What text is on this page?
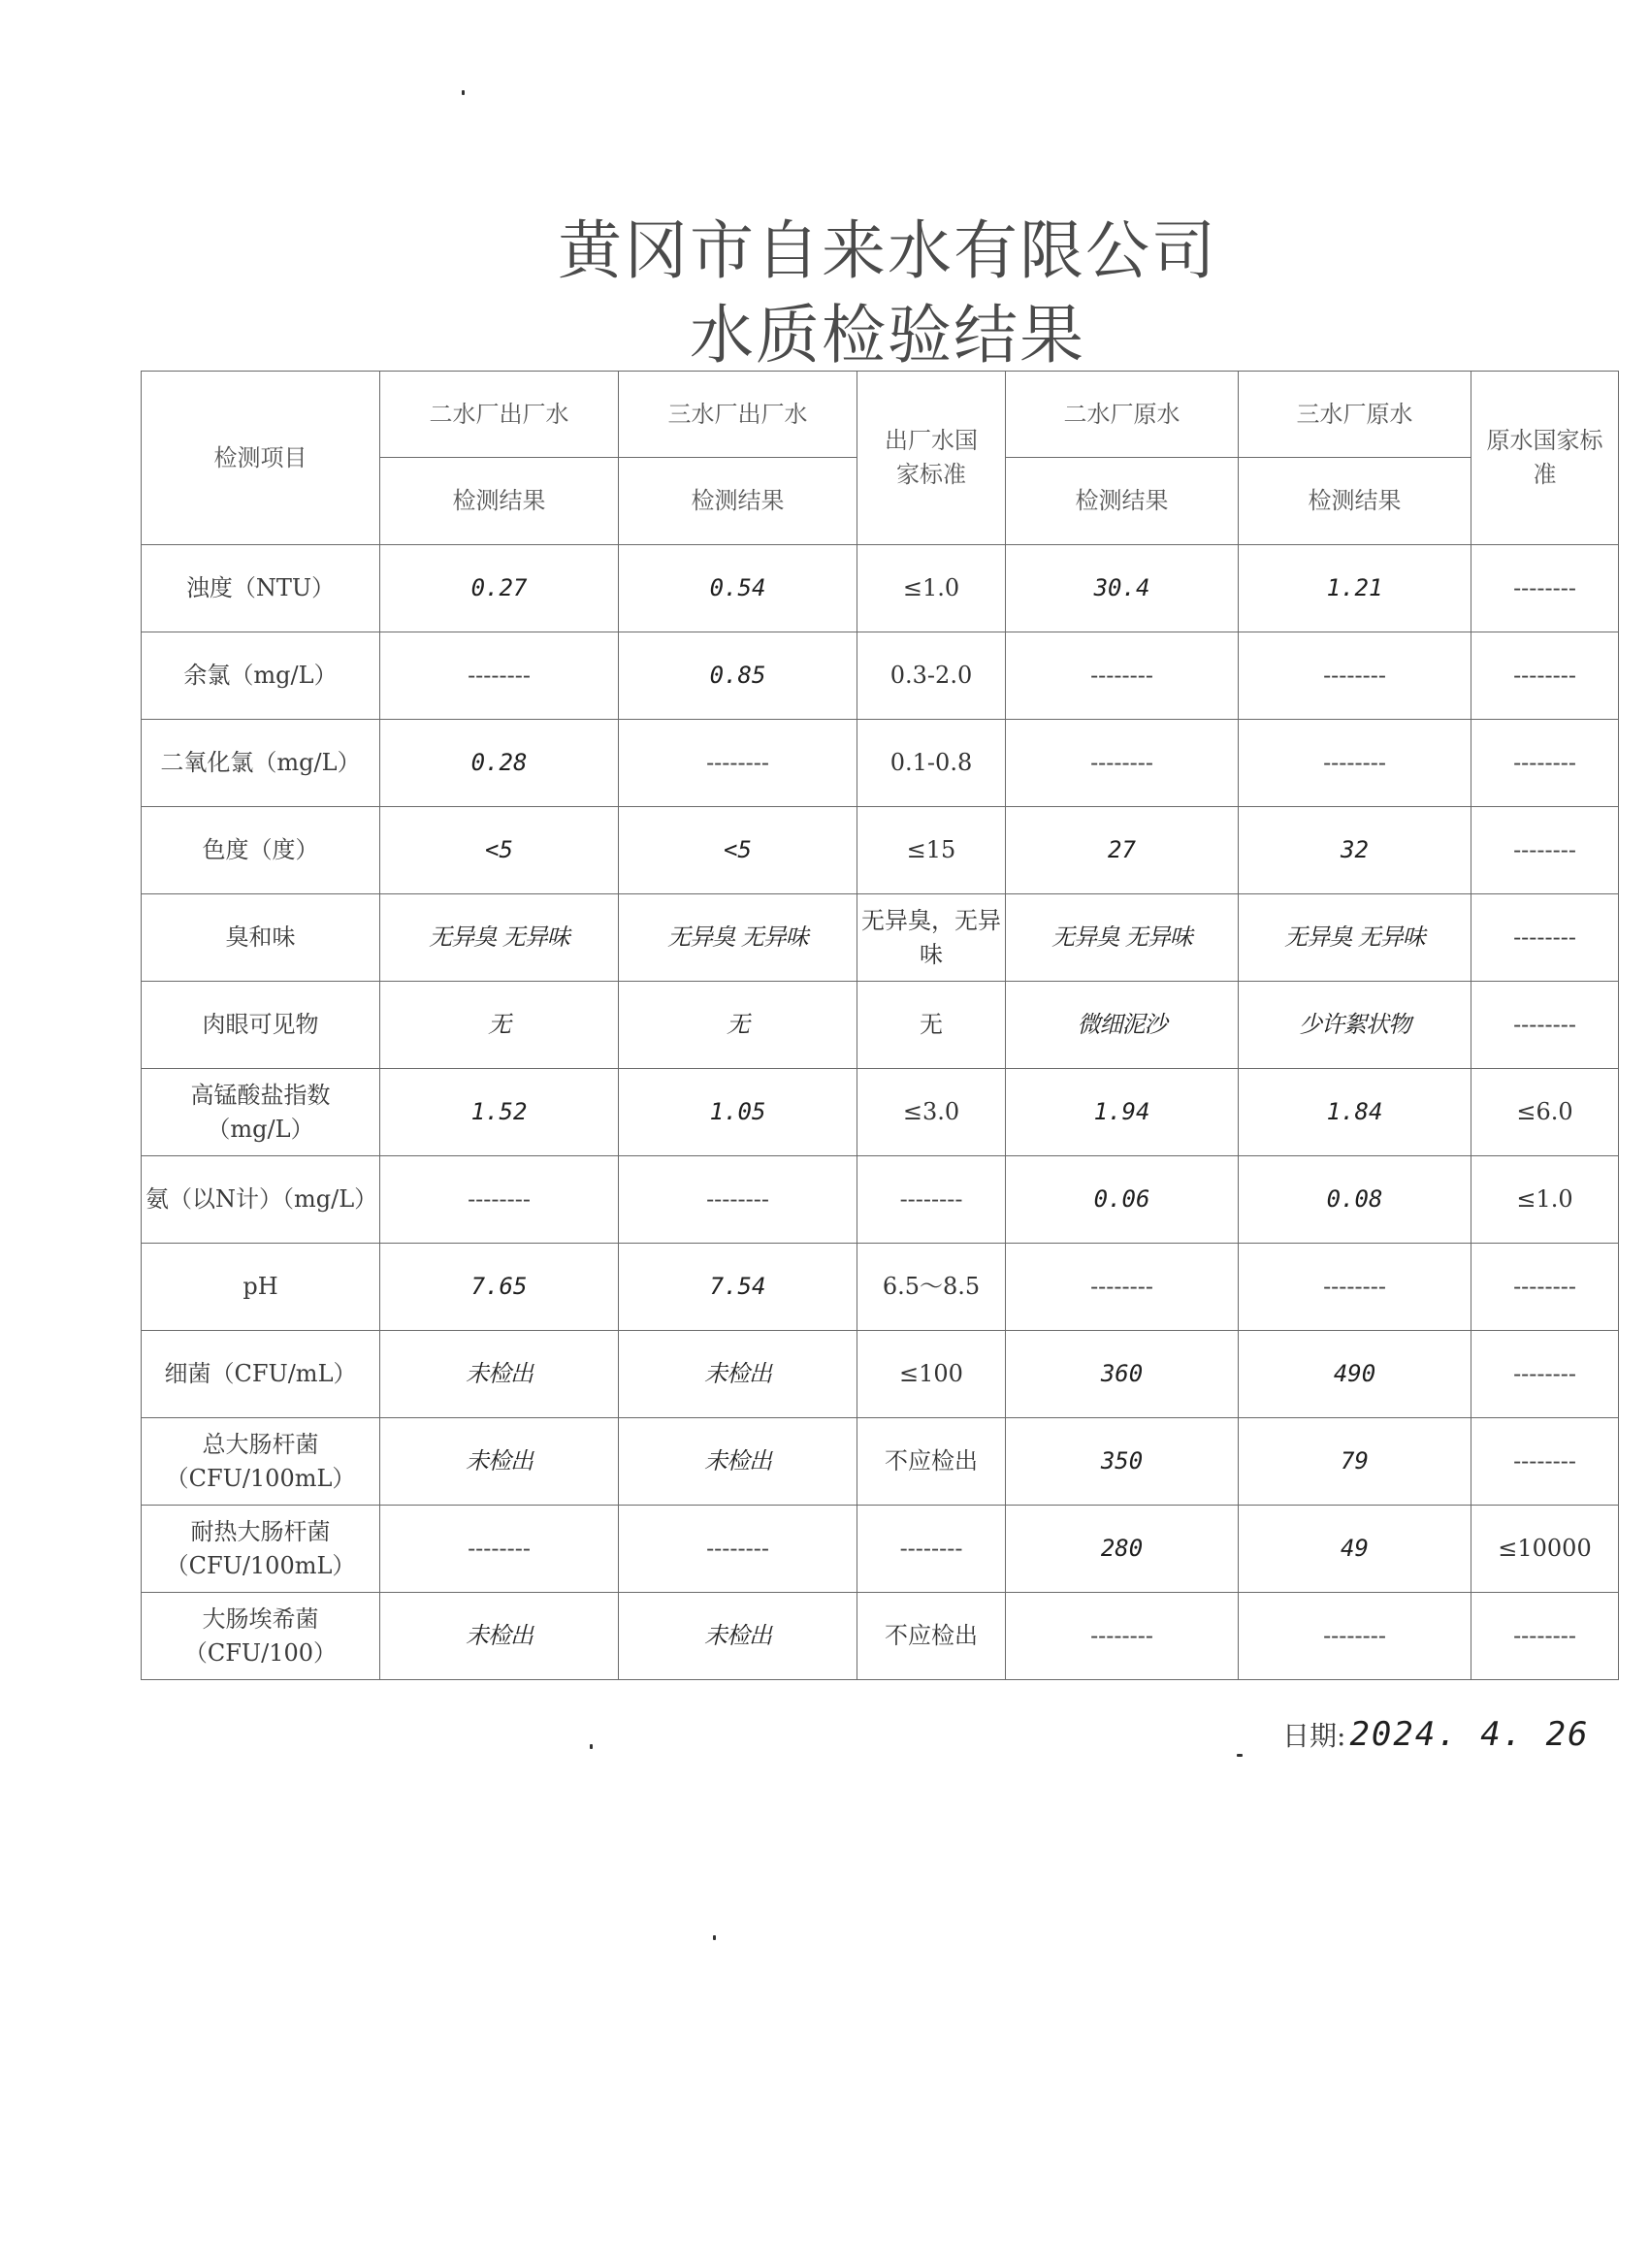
黄冈市自来水有限公司
水质检验结果
检测项目	二水厂出厂水	三水厂出厂水	出厂水国家标准	二水厂原水	三水厂原水	原水国家标准
	检测结果	检测结果		检测结果	检测结果	
浊度（NTU）	0.27	0.54	≤1.0	30.4	1.21	--------
余氯（mg/L）	--------	0.85	0.3-2.0	--------	--------	--------
二氧化氯（mg/L）	0.28	--------	0.1-0.8	--------	--------	--------
色度（度）	<5	<5	≤15	27	32	--------
臭和味	无异臭 无异味	无异臭 无异味	无异臭，无异味	无异臭 无异味	无异臭 无异味	--------
肉眼可见物	无	无	无	微细泥沙	少许絮状物	--------
高锰酸盐指数（mg/L）	1.52	1.05	≤3.0	1.94	1.84	≤6.0
氨（以N计）（mg/L）	--------	--------	--------	0.06	0.08	≤1.0
pH	7.65	7.54	6.5～8.5	--------	--------	--------
细菌（CFU/mL）	未检出	未检出	≤100	360	490	--------
总大肠杆菌（CFU/100mL）	未检出	未检出	不应检出	350	79	--------
耐热大肠杆菌（CFU/100mL）	--------	--------	--------	280	49	≤10000
大肠埃希菌（CFU/100）	未检出	未检出	不应检出	--------	--------	--------
日期: 2024. 4. 26
